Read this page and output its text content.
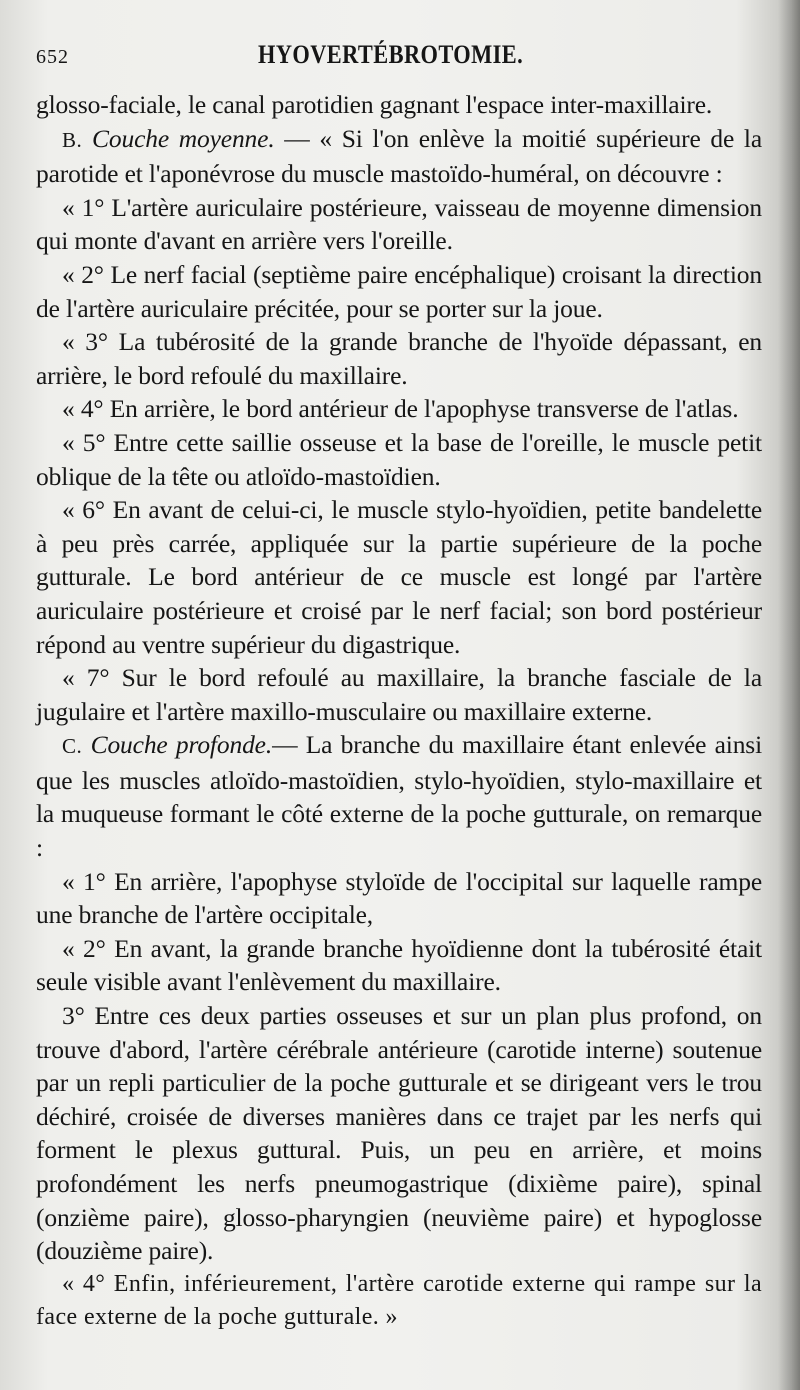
652	HYOVERTÉBROTOMIE.

glosso-faciale, le canal parotidien gagnant l'espace inter-maxillaire.

B. Couche moyenne. — « Si l'on enlève la moitié supérieure de la parotide et l'aponévrose du muscle mastoïdo-huméral, on découvre :

« 1° L'artère auriculaire postérieure, vaisseau de moyenne dimension qui monte d'avant en arrière vers l'oreille.

« 2° Le nerf facial (septième paire encéphalique) croisant la direction de l'artère auriculaire précitée, pour se porter sur la joue.

« 3° La tubérosité de la grande branche de l'hyoïde dépassant, en arrière, le bord refoulé du maxillaire.

« 4° En arrière, le bord antérieur de l'apophyse transverse de l'atlas.

« 5° Entre cette saillie osseuse et la base de l'oreille, le muscle petit oblique de la tête ou atloïdo-mastoïdien.

« 6° En avant de celui-ci, le muscle stylo-hyoïdien, petite bandelette à peu près carrée, appliquée sur la partie supérieure de la poche gutturale. Le bord antérieur de ce muscle est longé par l'artère auriculaire postérieure et croisé par le nerf facial; son bord postérieur répond au ventre supérieur du digastrique.

« 7° Sur le bord refoulé au maxillaire, la branche fasciale de la jugulaire et l'artère maxillo-musculaire ou maxillaire externe.

C. Couche profonde.— La branche du maxillaire étant enlevée ainsi que les muscles atloïdo-mastoïdien, stylo-hyoïdien, stylo-maxillaire et la muqueuse formant le côté externe de la poche gutturale, on remarque :

« 1° En arrière, l'apophyse styloïde de l'occipital sur laquelle rampe une branche de l'artère occipitale,

« 2° En avant, la grande branche hyoïdienne dont la tubérosité était seule visible avant l'enlèvement du maxillaire.

3° Entre ces deux parties osseuses et sur un plan plus profond, on trouve d'abord, l'artère cérébrale antérieure (carotide interne) soutenue par un repli particulier de la poche gutturale et se dirigeant vers le trou déchiré, croisée de diverses manières dans ce trajet par les nerfs qui forment le plexus guttural. Puis, un peu en arrière, et moins profondément les nerfs pneumogastrique (dixième paire), spinal (onzième paire), glosso-pharyngien (neuvième paire) et hypoglosse (douzième paire).

« 4° Enfin, inférieurement, l'artère carotide externe qui rampe sur la face externe de la poche gutturale. »
